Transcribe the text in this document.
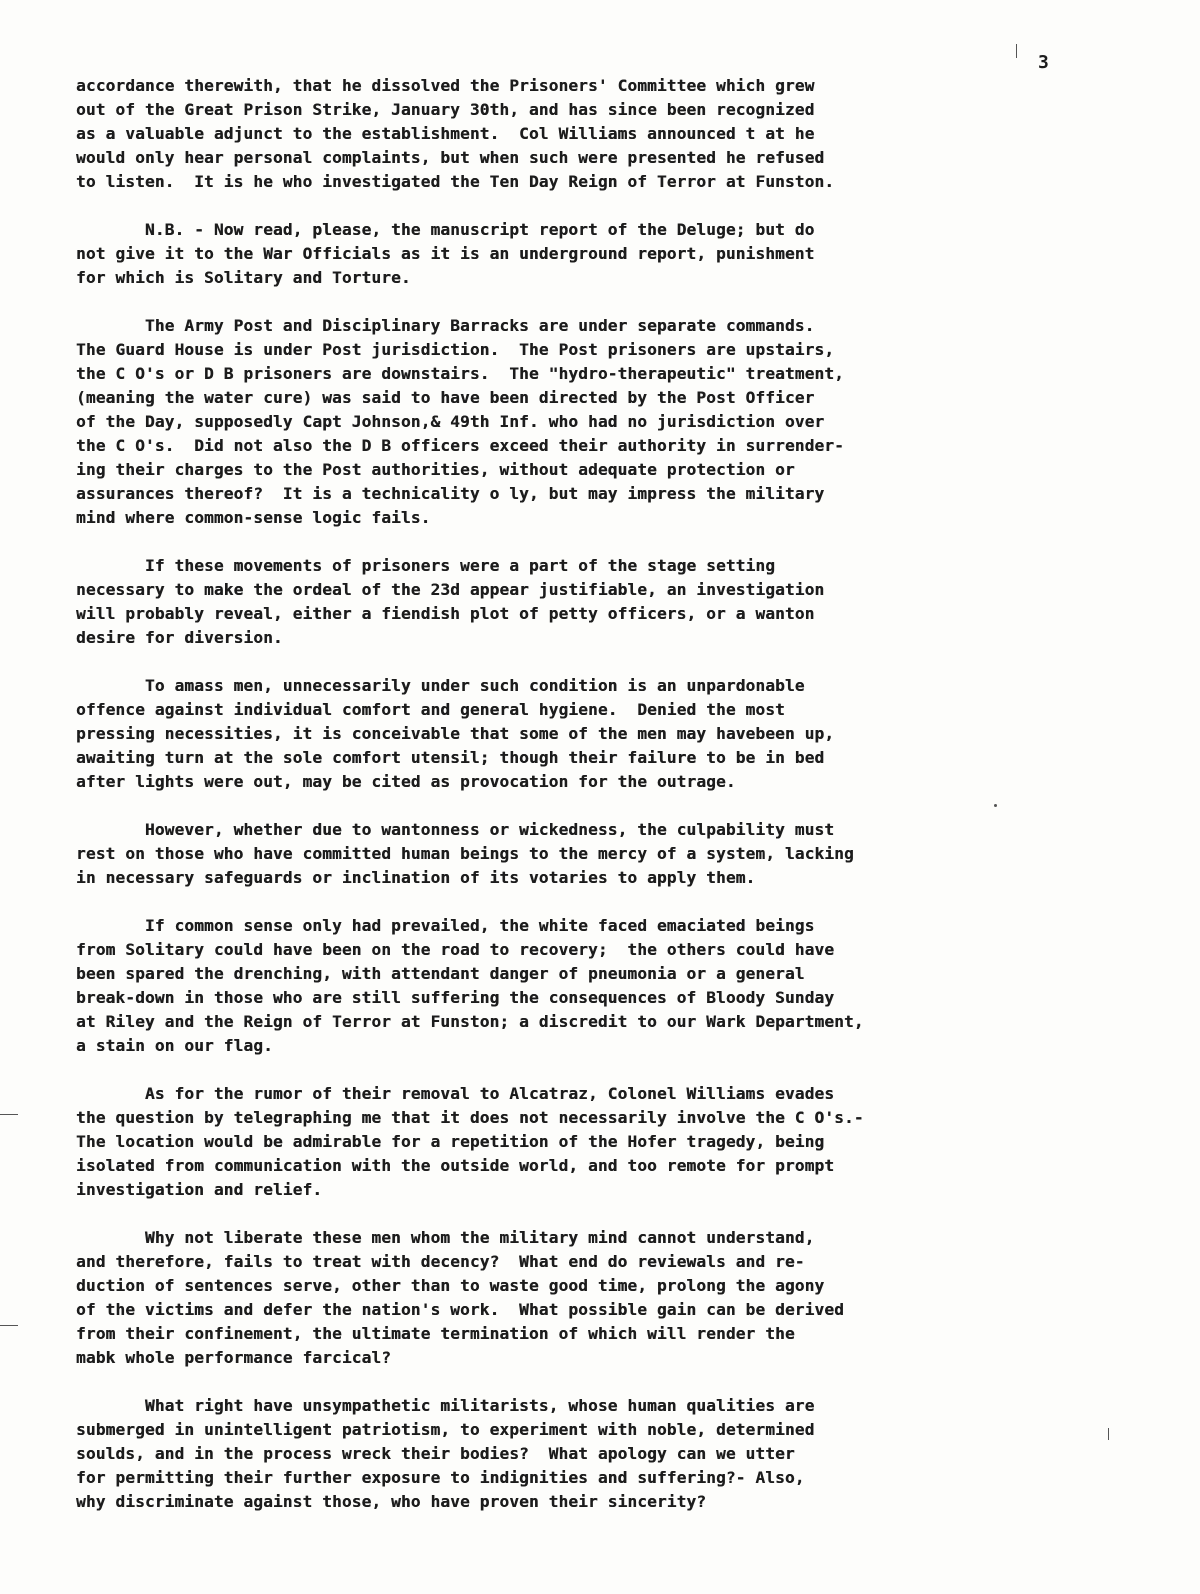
3
accordance therewith, that he dissolved the Prisoners' Committee which grew
out of the Great Prison Strike, January 30th, and has since been recognized
as a valuable adjunct to the establishment.  Col Williams announced t at he
would only hear personal complaints, but when such were presented he refused
to listen.  It is he who investigated the Ten Day Reign of Terror at Funston.
N.B. - Now read, please, the manuscript report of the Deluge; but do
not give it to the War Officials as it is an underground report, punishment
for which is Solitary and Torture.
The Army Post and Disciplinary Barracks are under separate commands.
The Guard House is under Post jurisdiction.  The Post prisoners are upstairs,
the C O's or D B prisoners are downstairs.  The "hydro-therapeutic" treatment,
(meaning the water cure) was said to have been directed by the Post Officer
of the Day, supposedly Capt Johnson,& 49th Inf. who had no jurisdiction over
the C O's.  Did not also the D B officers exceed their authority in surrender-
ing their charges to the Post authorities, without adequate protection or
assurances thereof?  It is a technicality o ly, but may impress the military
mind where common-sense logic fails.
If these movements of prisoners were a part of the stage setting
necessary to make the ordeal of the 23d appear justifiable, an investigation
will probably reveal, either a fiendish plot of petty officers, or a wanton
desire for diversion.
To amass men, unnecessarily under such condition is an unpardonable
offence against individual comfort and general hygiene.  Denied the most
pressing necessities, it is conceivable that some of the men may havebeen up,
awaiting turn at the sole comfort utensil; though their failure to be in bed
after lights were out, may be cited as provocation for the outrage.
However, whether due to wantonness or wickedness, the culpability must
rest on those who have committed human beings to the mercy of a system, lacking
in necessary safeguards or inclination of its votaries to apply them.
If common sense only had prevailed, the white faced emaciated beings
from Solitary could have been on the road to recovery;  the others could have
been spared the drenching, with attendant danger of pneumonia or a general
break-down in those who are still suffering the consequences of Bloody Sunday
at Riley and the Reign of Terror at Funston; a discredit to our Wark Department,
a stain on our flag.
As for the rumor of their removal to Alcatraz, Colonel Williams evades
the question by telegraphing me that it does not necessarily involve the C O's.-
The location would be admirable for a repetition of the Hofer tragedy, being
isolated from communication with the outside world, and too remote for prompt
investigation and relief.
Why not liberate these men whom the military mind cannot understand,
and therefore, fails to treat with decency?  What end do reviewals and re-
duction of sentences serve, other than to waste good time, prolong the agony
of the victims and defer the nation's work.  What possible gain can be derived
from their confinement, the ultimate termination of which will render the
mabk whole performance farcical?
What right have unsympathetic militarists, whose human qualities are
submerged in unintelligent patriotism, to experiment with noble, determined
soulds, and in the process wreck their bodies?  What apology can we utter
for permitting their further exposure to indignities and suffering?- Also,
why discriminate against those, who have proven their sincerity?
